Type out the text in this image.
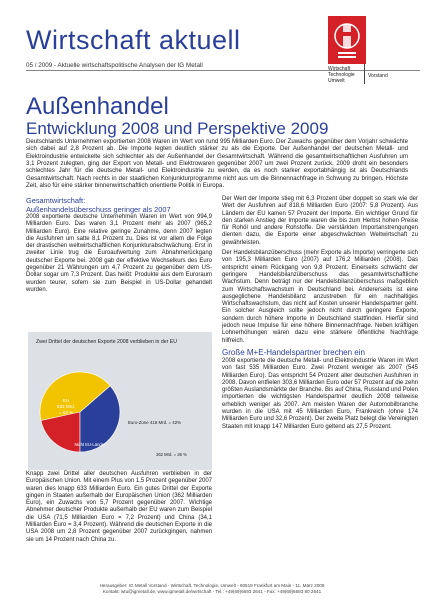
Wirtschaft aktuell
05 / 2009 - Aktuelle wirtschaftspolitische Analysen der IG Metall	Wirtschaft
Technologie
Umwelt
Vorstand
Außenhandel
Entwicklung 2008 und Perspektive 2009

Deutschlands Unternehmen exportierten 2008 Waren im Wert von rund 995 Milliarden Euro. Der Zuwachs gegenüber dem Vorjahr schwächte sich dabei auf 2,8 Prozent ab. Die Importe legten deutlich stärker zu als die Exporte. Der Außenhandel der deutschen Metall- und Elektroindustrie entwickelte sich schlechter als der Außenhandel der Gesamtwirtschaft. Während die gesamtwirtschaftlichen Ausfuhren um 3,1 Prozent zulegten, ging der Export von Metall- und Elektrowaren gegenüber 2007 um zwei Prozent zurück. 2009 droht ein besonders schlechtes Jahr für die deutsche Metall- und Elektroindustrie zu werden, da es noch starker exportabhängig ist als Deutschlands Gesamtwirtschaft. Nach rechts in der staatlichen Konjunkturprogramme nicht aus um die Binnennachfrage in Schwung zu bringen. Höchste Zeit, also für eine stärker binnenwirtschaftlich orientierte Politik in Europa.

Gesamtwirtschaft:
Außenhandelsüberschuss geringer als 2007

2008 exportierte deutsche Unternehmen Waren im Wert von 994,9 Milliarden Euro. Das waren 3,1 Prozent mehr als 2007 (965,2 Milliarden Euro). Eine relative geringe Zunahme, denn 2007 legten die Ausfuhren um satte 8,1 Prozent zu. Dies ist vor allem die Folge der drastischen weltwirtschaftlichen Konjunkturabschwächung. Erst in zweiter Linie trug die Euroaufwertung zum Abnahmerückgang deutscher Exporte bei. 2008 gab der effektive Wechselkurs des Euro gegenüber 21 Währungen um 4,7 Prozent zu gegenüber dem US-Dollar sogar um 7,3 Prozent. Das heißt: Produkte aus dem Euroraum wurden teurer, sofern sie zum Beispiel in US-Dollar gehandelt wurden.

Zwei Drittel der deutschen Exporte 2008 verblieben in der EU
EU
633 Mrd.
= 63 %
Euro-Zone 418 Mrd. = 42%
Nicht EU-Länder
362 Mrd. = 36 %

Knapp zwei Drittel aller deutschen Ausfuhren verblieben in der Europäischen Union. Mit einem Plus von 1,5 Prozent gegenüber 2007 waren dies knapp 633 Milliarden Euro. Ein gutes Drittel der Exporte gingen in Staaten außerhalb der Europäischen Union (362 Milliarden Euro), ein Zuwachs von 5,7 Prozent gegenüber 2007. Wichtige Abnehmer deutscher Produkte außerhalb der EU waren zum Beispiel die USA (71,5 Milliarden Euro = 7,2 Prozent) und China (34,1 Milliarden Euro = 3,4 Prozent). Während die deutschen Exporte in die USA 2008 um 2,8 Prozent gegenüber 2007 zurückgingen, nahmen sie um 14 Prozent nach China zu.

Der Wert der Importe stieg mit 6,3 Prozent über doppelt so stark wie der Wert der Ausfuhren auf 818,6 Milliarden Euro (2007: 5,8 Prozent). Aus Ländern der EU kamen 57 Prozent der Importe. Ein wichtiger Grund für den starken Anstieg der Importe waren die bis zum Herbst hohen Preise für Rohöl und andere Rohstoffe. Die verstärkten Importanstrengungen dienten dazu, die Exporte einer abgeschwächten Weltwirtschaft zu gewährleisten.

Der Handelsbilanzüberschuss (mehr Exporte als Importe) verringerte sich von 195,3 Milliarden Euro (2007) auf 176,2 Milliarden (2008). Das entspricht einem Rückgang von 9,8 Prozent. Einerseits schwächt der geringere Handelsbilanzüberschuss das gesamtwirtschaftliche Wachstum. Denn beträgt nur der Handelsbilanzüberschuss maßgeblich zum Wirtschaftswachstum in Deutschland bei. Andererseits ist eine ausgeglichene Handelsbilanz anzustreben für ein nachhaltiges Wirtschaftswachstum, das nicht auf Kosten unserer Handelspartner geht. Ein solcher Ausgleich sollte jedoch nicht durch geringere Exporte, sondern durch höhere Importe in Deutschland stattfinden. Hierfür sind jedoch neue Impulse für eine höhere Binnennachfrage. Neben kräftigen Lohnerhöhungen wären dazu eine stärkere öffentliche Nachfrage hilfreich.

Große M+E-Handelspartner brechen ein

2008 exportierte die deutsche Metall- und Elektroindustrie Waren im Wert von fast 535 Milliarden Euro. Zwei Prozent weniger als 2007 (545 Milliarden Euro). Das entspricht 54 Prozent aller deutschen Ausfuhren in 2008. Davon entfielen 303,6 Milliarden Euro oder 57 Prozent auf die zehn größten Auslandsmärkte der Branche. Bis auf China, Russland und Polen importierten die wichtigsten Handelspartner deutlich 2008 teilweise erheblich weniger als 2007. Am meisten Waren der Automobilbranche wurden in die USA mit 45 Milliarden Euro, Frankreich (ohne 174 Milliarden Euro und 32,6 Prozent). Der zweite Platz belegt die Vereinigten Staaten mit knapp 147 Milliarden Euro geltend als 27,5 Prozent.

Herausgeber: IG Metall Vorstand - Wirtschaft, Technologie, Umwelt - 60519 Frankfurt am Main - 11. März 2009
Kontakt: wtu@igmetall.de, www.igmetall.de/wirtschaft - Tel.: +49(69)6693 2641 - Fax: +49(69)6693 80 2641
